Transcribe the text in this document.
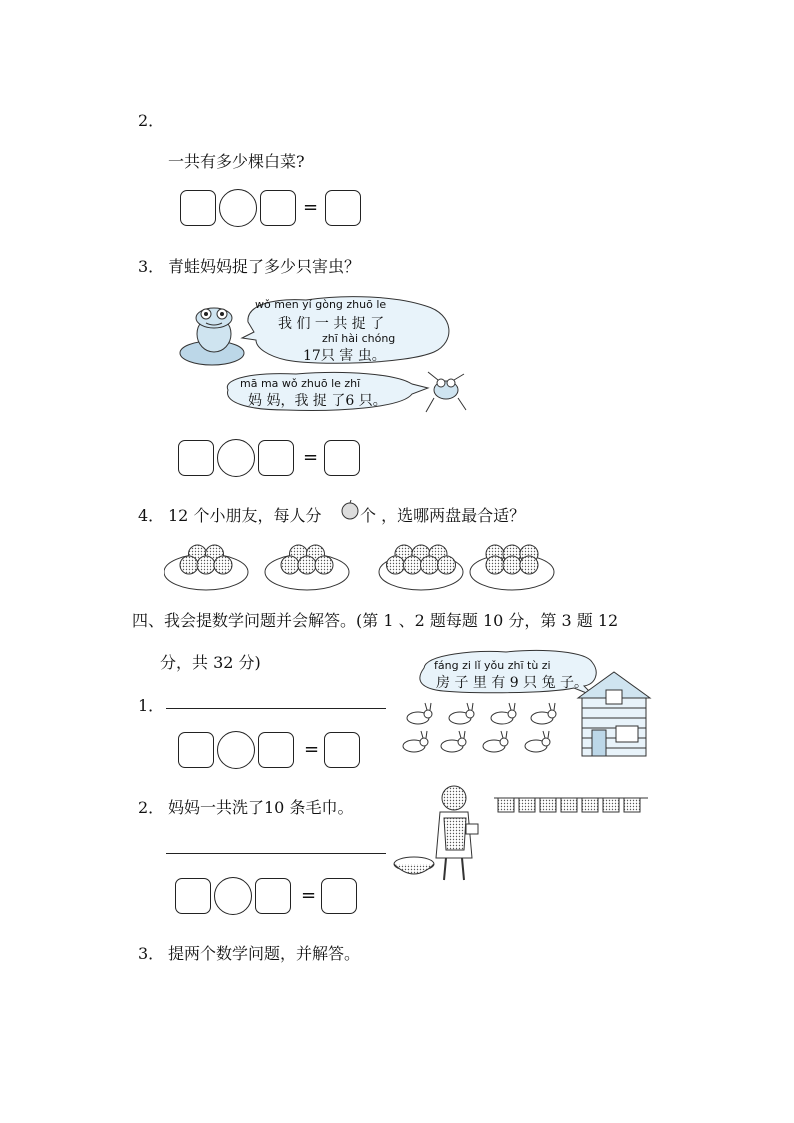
2．
一共有多少棵白菜?
=
3． 青蛙妈妈捉了多少只害虫？
wǒ men yí gòng zhuō le
我 们 一 共 捉 了
zhī hài chóng
17只 害 虫。
mā ma wǒ zhuō le zhī
妈 妈，我 捉 了6 只。
=
4． 12 个小朋友，每人分 个 ，选哪两盘最合适？
四、我会提数学问题并会解答。(第 1 、2 题每题 10 分，第 3 题 12
分，共 32 分)
1．
=
fáng zi lǐ yǒu zhī tù zi
房 子 里 有 9 只 兔 子。
2． 妈妈一共洗了10 条毛巾。
=
3． 提两个数学问题，并解答。
